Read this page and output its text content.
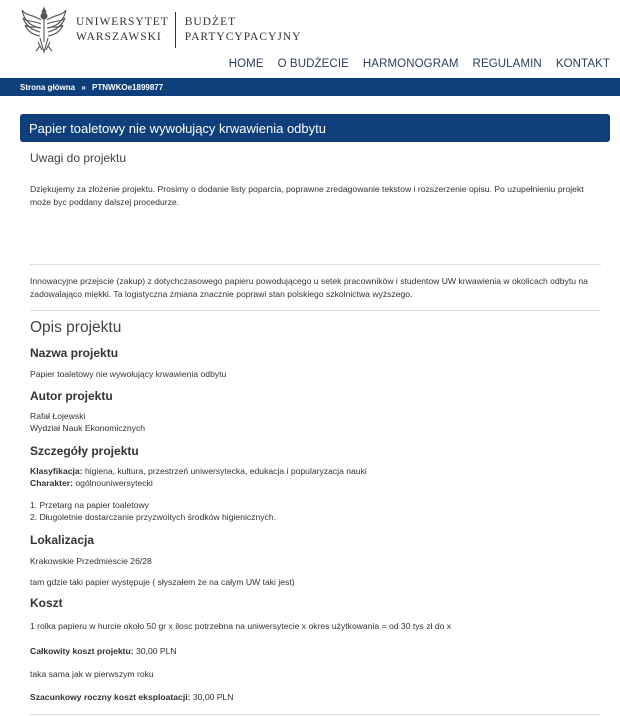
UNIWERSYTET
WARSZAWSKI
BUDŻET
PARTYCYPACYJNY
HOME O BUDŻECIE HARMONOGRAM REGULAMIN KONTAKT
Strona główna » PTNWKOe1899877
Papier toaletowy nie wywołujący krwawienia odbytu
Uwagi do projektu
Dziękujemy za złożenie projektu. Prosimy o dodanie listy poparcia, poprawne zredagowanie tekstow i rozszerzenie opisu. Po uzupełnieniu projekt może byc poddany dalszej procedurze.
Innowacyjne przejscie (zakup) z dotychczasowego papieru powodującego u setek pracowników i studentow UW krwawienia w okolicach odbytu na zadowalająco miękki. Ta logistyczna zmiana znacznie poprawi stan polskiego szkolnictwa wyższego.
Opis projektu
Nazwa projektu
Papier toaletowy nie wywołujący krwawienia odbytu
Autor projektu
Rafał Łojewski
Wydział Nauk Ekonomicznych
Szczegóły projektu
Klasyfikacja: higiena, kultura, przestrzeń uniwersytecka, edukacja i popularyzacja nauki
Charakter: ogólnouniwersytecki
1. Przetarg na papier toaletowy
2. Długoletnie dostarczanie przyzwoitych środków higienicznych.
Lokalizacja
Krakowskie Przedmiescie 26/28
tam gdzie taki papier występuje ( słyszałem że na całym UW taki jest)
Koszt
1 rolka papieru w hurcie około 50 gr x ilosc potrzebna na uniwersytecie x okres użytkowania = od 30 tys zł do x
Całkowity koszt projektu: 30,00 PLN
taka sama jak w pierwszym roku
Szacunkowy roczny koszt eksploatacji: 30,00 PLN
